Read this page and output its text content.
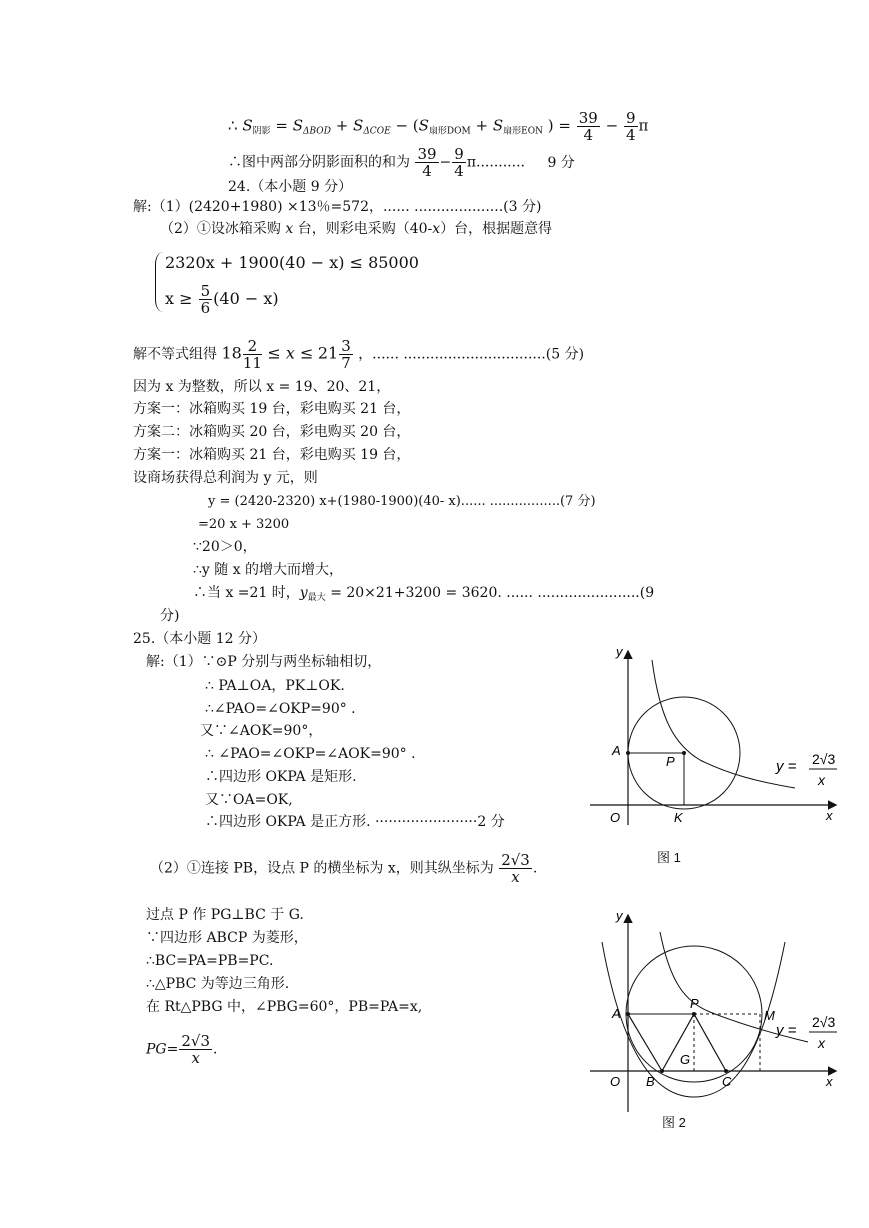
∴ $S_{阴影} = S_{\Delta BOD} + S_{\Delta COE} - (S_{扇形DOM} + S_{扇形EON}$ ) = $\frac{39}{4} - \frac{9}{4}$ π
∴图中两部分阴影面积的和为 $\frac{39}{4} - \frac{9}{4} \pi$........... 9 分
24.（本小题 9 分）
解:（1）(2420+1980) ×13％=572，...... ....................(3 分)
（2）①设冰箱采购 x 台，则彩电采购（40-x）台，根据题意得
2320x + 1900(40 − x) ≤ 85000
$x \ge \frac{5}{6} (40 - x)$
解不等式组得 $18 \frac{2}{11} \le x \le 21 \frac{3}{7}$ ，...... ................................(5 分)
因为 x 为整数，所以 x = 19、20、21，
方案一：冰箱购买 19 台，彩电购买 21 台，
方案二：冰箱购买 20 台，彩电购买 20 台，
方案一：冰箱购买 21 台，彩电购买 19 台，
设商场获得总利润为 y 元，则
y = (2420-2320) x+(1980-1900)(40- x)...... .................(7 分)
=20 x + 3200
∵20＞0，
∴y 随 x 的增大而增大，
∴当 x =21 时，$y_{最大} = 20\times 21+3200 = 3620$. ...... .......................(9
分)
25.（本小题 12 分）
解:（1）∵⊙P 分别与两坐标轴相切，
∴ PA⊥OA，PK⊥OK.
∴∠PAO=∠OKP=90° .
又∵∠AOK=90°，
∴ ∠PAO=∠OKP=∠AOK=90° .
∴四边形 OKPA 是矩形.
又∵OA=OK,
∴四边形 OKPA 是正方形. ·······················2 分
（2）①连接 PB，设点 P 的横坐标为 x，则其纵坐标为 $\frac{2√3}{x}$ .
过点 P 作 PG⊥BC 于 G.
∵四边形 ABCP 为菱形，
∴BC=PA=PB=PC.
∴△PBC 为等边三角形.
在 Rt△PBG 中，∠PBG=60°，PB=PA=x,
$PG= \frac{2√3}{x}$ .
y
x
O
A
P
K
y = 2√3
x
图 1
y
x
O
A
P
M
G
B	C
y = 2√3
x
图 2
